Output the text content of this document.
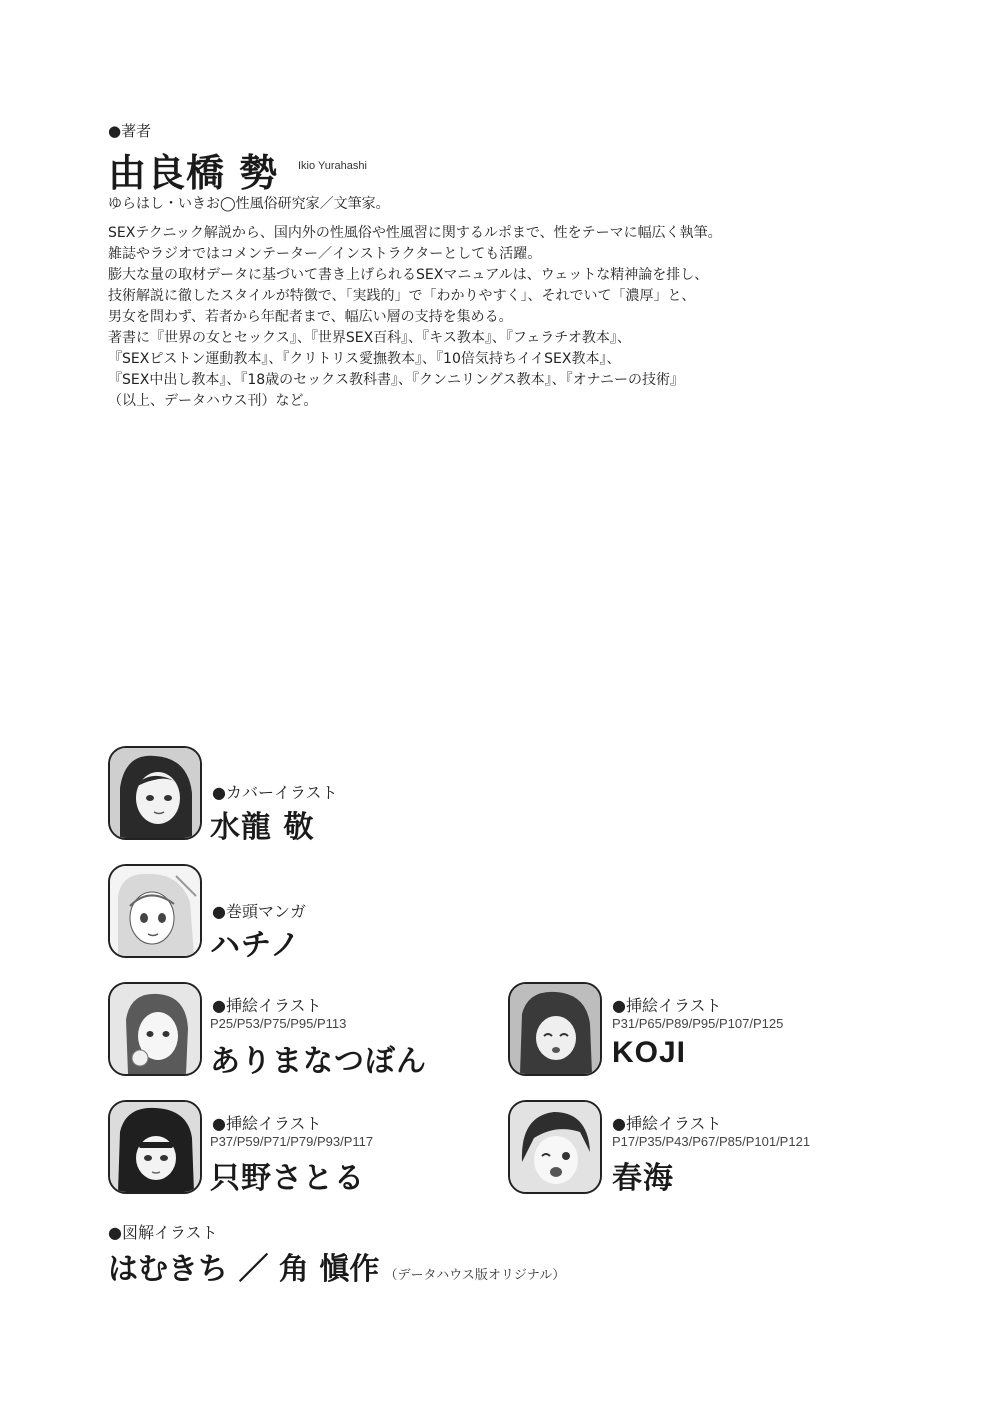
●著者
由良橋 勢 Ikio Yurahashi
ゆらはし・いきお◯性風俗研究家／文筆家。
SEXテクニック解説から、国内外の性風俗や性風習に関するルポまで、性をテーマに幅広く執筆。
雑誌やラジオではコメンテーター／インストラクターとしても活躍。
膨大な量の取材データに基づいて書き上げられるSEXマニュアルは、ウェットな精神論を排し、
技術解説に徹したスタイルが特徴で、「実践的」で「わかりやすく」、それでいて「濃厚」と、
男女を問わず、若者から年配者まで、幅広い層の支持を集める。
著書に『世界の女とセックス』、『世界SEX百科』、『キス教本』、『フェラチオ教本』、
『SEXピストン運動教本』、『クリトリス愛撫教本』、『10倍気持ちイイSEX教本』、
『SEX中出し教本』、『18歳のセックス教科書』、『クンニリングス教本』、『オナニーの技術』
（以上、データハウス刊）など。
●カバーイラスト
水龍 敬
●巻頭マンガ
ハチノ
●挿絵イラスト
P25/P53/P75/P95/P113
ありまなつぼん
●挿絵イラスト
P31/P65/P89/P95/P107/P125
KOJI
●挿絵イラスト
P37/P59/P71/P79/P93/P117
只野さとる
●挿絵イラスト
P17/P35/P43/P67/P85/P101/P121
春海
●図解イラスト
はむきち ／ 角 愼作 （データハウス版オリジナル）
